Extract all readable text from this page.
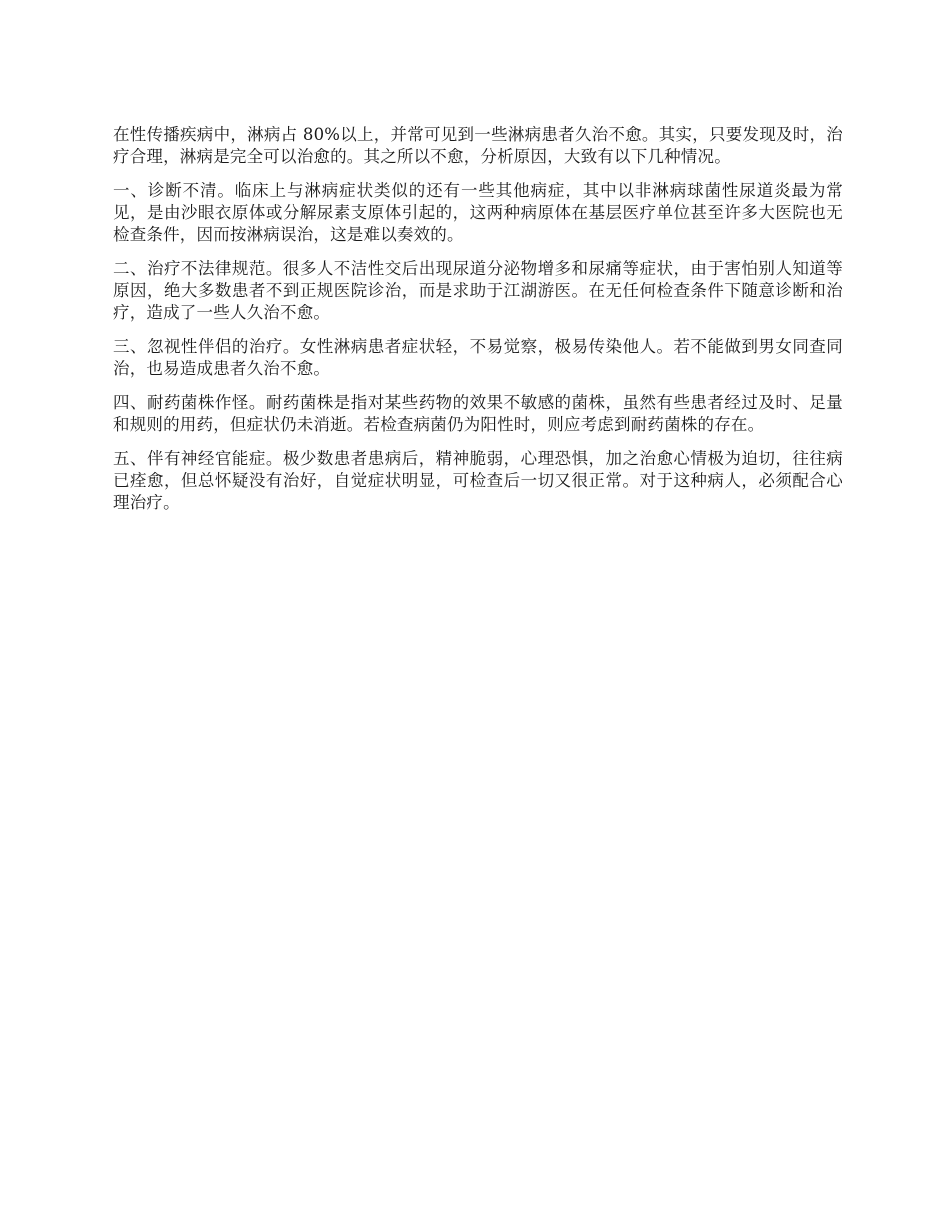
在性传播疾病中，淋病占 80%以上，并常可见到一些淋病患者久治不愈。其实，只要发现及时，治疗合理，淋病是完全可以治愈的。其之所以不愈，分析原因，大致有以下几种情况。

一、诊断不清。临床上与淋病症状类似的还有一些其他病症，其中以非淋病球菌性尿道炎最为常见，是由沙眼衣原体或分解尿素支原体引起的，这两种病原体在基层医疗单位甚至许多大医院也无检查条件，因而按淋病误治，这是难以奏效的。

二、治疗不法律规范。很多人不洁性交后出现尿道分泌物增多和尿痛等症状，由于害怕别人知道等原因，绝大多数患者不到正规医院诊治，而是求助于江湖游医。在无任何检查条件下随意诊断和治疗，造成了一些人久治不愈。

三、忽视性伴侣的治疗。女性淋病患者症状轻，不易觉察，极易传染他人。若不能做到男女同查同治，也易造成患者久治不愈。

四、耐药菌株作怪。耐药菌株是指对某些药物的效果不敏感的菌株，虽然有些患者经过及时、足量和规则的用药，但症状仍未消逝。若检查病菌仍为阳性时，则应考虑到耐药菌株的存在。

五、伴有神经官能症。极少数患者患病后，精神脆弱，心理恐惧，加之治愈心情极为迫切，往往病已痊愈，但总怀疑没有治好，自觉症状明显，可检查后一切又很正常。对于这种病人，必须配合心理治疗。
